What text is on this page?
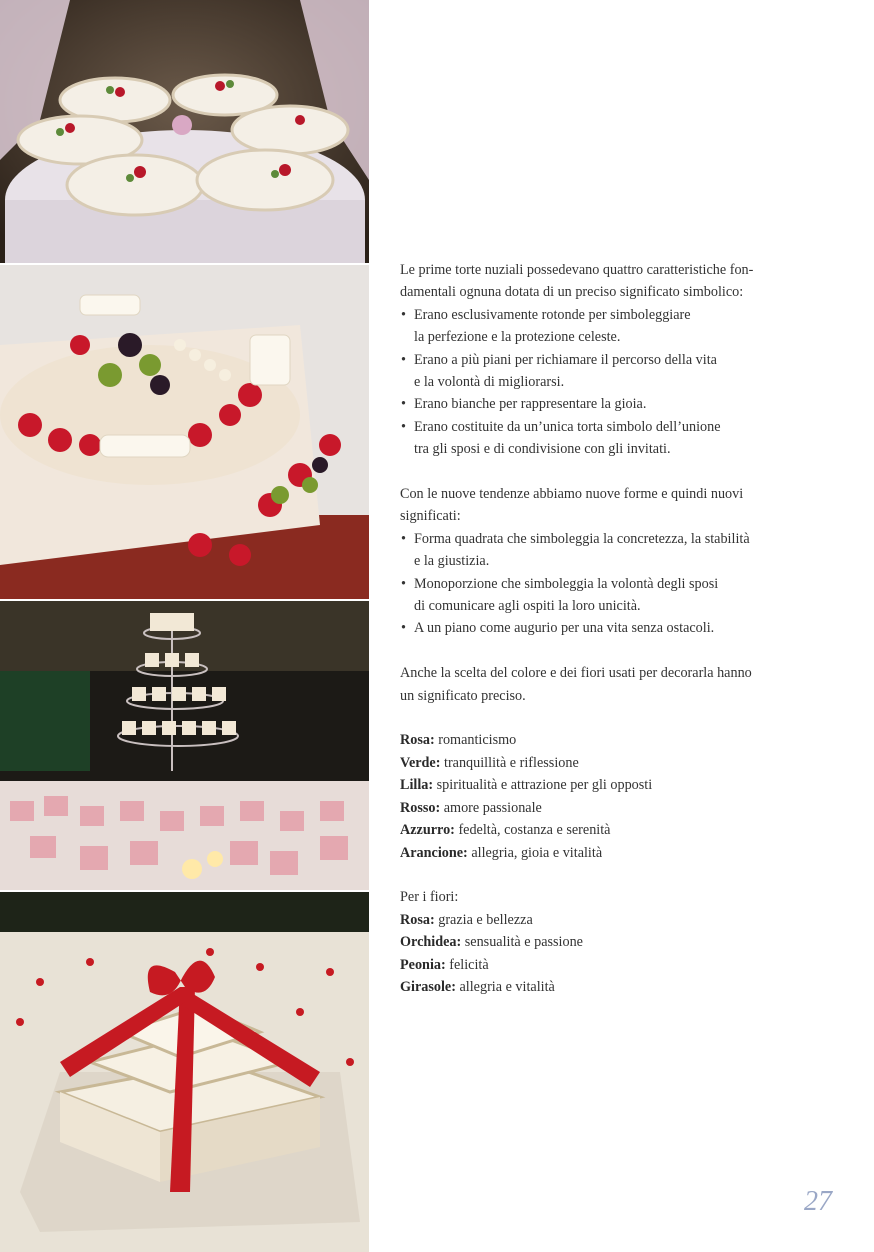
Le prime torte nuziali possedevano quattro caratteristiche fon-
damentali ognuna dotata di un preciso significato simbolico:
• Erano esclusivamente rotonde per simboleggiare
la perfezione e la protezione celeste.
• Erano a più piani per richiamare il percorso della vita
e la volontà di migliorarsi.
• Erano bianche per rappresentare la gioia.
• Erano costituite da un’unica torta simbolo dell’unione
tra gli sposi e di condivisione con gli invitati.
Con le nuove tendenze abbiamo nuove forme e quindi nuovi
significati:
• Forma quadrata che simboleggia la concretezza, la stabilità
e la giustizia.
• Monoporzione che simboleggia la volontà degli sposi
di comunicare agli ospiti la loro unicità.
• A un piano come augurio per una vita senza ostacoli.
Anche la scelta del colore e dei fiori usati per decorarla hanno
un significato preciso.
Rosa: romanticismo
Verde: tranquillità e riflessione
Lilla: spiritualità e attrazione per gli opposti
Rosso: amore passionale
Azzurro: fedeltà, costanza e serenità
Arancione: allegria, gioia e vitalità
Per i fiori:
Rosa: grazia e bellezza
Orchidea: sensualità e passione
Peonia: felicità
Girasole: allegria e vitalità
27
